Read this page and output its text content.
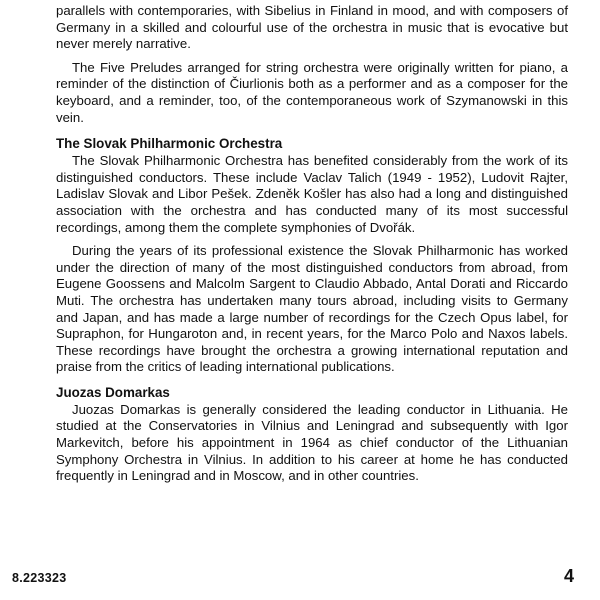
parallels with contemporaries, with Sibelius in Finland in mood, and with composers of Germany in a skilled and colourful use of the orchestra in music that is evocative but never merely narrative.

The Five Preludes arranged for string orchestra were originally written for piano, a reminder of the distinction of Čiurlionis both as a performer and as a composer for the keyboard, and a reminder, too, of the contemporaneous work of Szymanowski in this vein.

The Slovak Philharmonic Orchestra

The Slovak Philharmonic Orchestra has benefited considerably from the work of its distinguished conductors. These include Vaclav Talich (1949 - 1952), Ludovit Rajter, Ladislav Slovak and Libor Pešek. Zdeněk Košler has also had a long and distinguished association with the orchestra and has conducted many of its most successful recordings, among them the complete symphonies of Dvořák.

During the years of its professional existence the Slovak Philharmonic has worked under the direction of many of the most distinguished conductors from abroad, from Eugene Goossens and Malcolm Sargent to Claudio Abbado, Antal Dorati and Riccardo Muti. The orchestra has undertaken many tours abroad, including visits to Germany and Japan, and has made a large number of recordings for the Czech Opus label, for Supraphon, for Hungaroton and, in recent years, for the Marco Polo and Naxos labels. These recordings have brought the orchestra a growing international reputation and praise from the critics of leading international publications.

Juozas Domarkas

Juozas Domarkas is generally considered the leading conductor in Lithuania. He studied at the Conservatories in Vilnius and Leningrad and subsequently with Igor Markevitch, before his appointment in 1964 as chief conductor of the Lithuanian Symphony Orchestra in Vilnius. In addition to his career at home he has conducted frequently in Leningrad and in Moscow, and in other countries.

8.223323	4
